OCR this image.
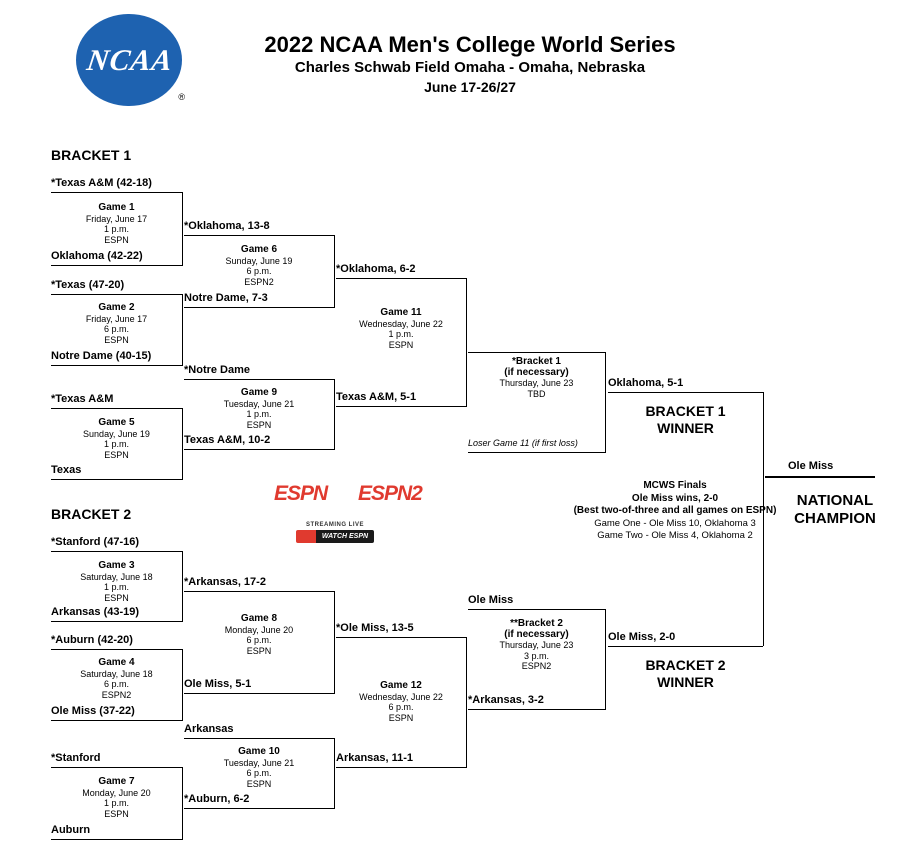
NCAA
®
2022 NCAA Men's College World Series
Charles Schwab Field Omaha - Omaha, Nebraska
June 17-26/27
BRACKET 1
*Texas A&M (42-18)
Game 1
Friday, June 17
1 p.m.
ESPN
Oklahoma (42-22)
*Texas (47-20)
Game 2
Friday, June 17
6 p.m.
ESPN
Notre Dame (40-15)
*Texas A&M
Game 5
Sunday, June 19
1 p.m.
ESPN
Texas
*Oklahoma, 13-8
Game 6
Sunday, June 19
6 p.m.
ESPN2
Notre Dame, 7-3
*Notre Dame
Game 9
Tuesday, June 21
1 p.m.
ESPN
Texas A&M, 10-2
*Oklahoma, 6-2
Game 11
Wednesday, June 22
1 p.m.
ESPN
Texas A&M, 5-1
*Bracket 1
(if necessary)
Thursday, June 23
TBD
Loser Game 11 (if first loss)
Oklahoma, 5-1
BRACKET 1
WINNER
BRACKET 2
*Stanford (47-16)
Game 3
Saturday, June 18
1 p.m.
ESPN
Arkansas (43-19)
*Auburn (42-20)
Game 4
Saturday, June 18
6 p.m.
ESPN2
Ole Miss (37-22)
*Stanford
Game 7
Monday, June 20
1 p.m.
ESPN
Auburn
*Arkansas, 17-2
Game 8
Monday, June 20
6 p.m.
ESPN
Ole Miss, 5-1
Arkansas
Game 10
Tuesday, June 21
6 p.m.
ESPN
*Auburn, 6-2
*Ole Miss, 13-5
Game 12
Wednesday, June 22
6 p.m.
ESPN
Arkansas, 11-1
Ole Miss
**Bracket 2
(if necessary)
Thursday, June 23
3 p.m.
ESPN2
*Arkansas, 3-2
Ole Miss, 2-0
BRACKET 2
WINNER
MCWS Finals
Ole Miss wins, 2-0
(Best two-of-three and all games on ESPN)
Game One - Ole Miss 10, Oklahoma 3
Game Two - Ole Miss 4, Oklahoma 2
Ole Miss
NATIONAL
CHAMPION
ESPN ESPN2
STREAMING LIVE
WATCH ESPN
